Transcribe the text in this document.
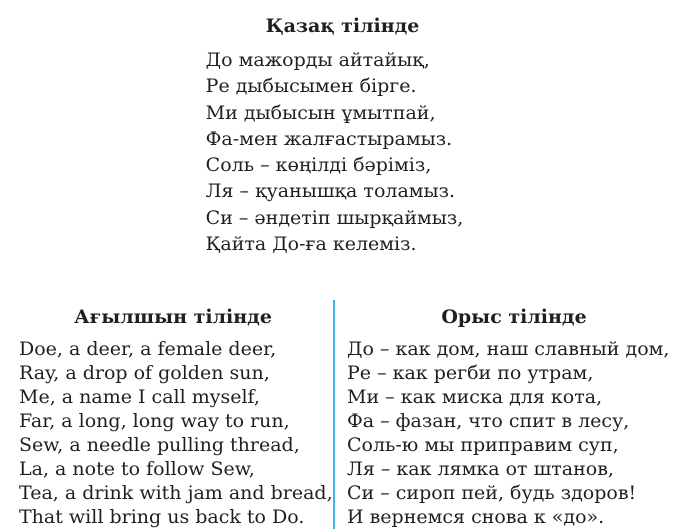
Қазақ тілінде
До мажорды айтайық,
Ре дыбысымен бірге.
Ми дыбысын ұмытпай,
Фа-мен жалғастырамыз.
Соль – көңілді бәріміз,
Ля – қуанышқа толамыз.
Си – әндетіп шырқаймыз,
Қайта До-ға келеміз.
Ағылшын тілінде
Doe, a deer, a female deer,
Ray, a drop of golden sun,
Me, a name I call myself,
Far, a long, long way to run,
Sew, a needle pulling thread,
La, a note to follow Sew,
Tea, a drink with jam and bread,
That will bring us back to Do.
Орыс тілінде
До – как дом, наш славный дом,
Ре – как регби по утрам,
Ми – как миска для кота,
Фа – фазан, что спит в лесу,
Соль-ю мы приправим суп,
Ля – как лямка от штанов,
Си – сироп пей, будь здоров!
И вернемся снова к «до».
